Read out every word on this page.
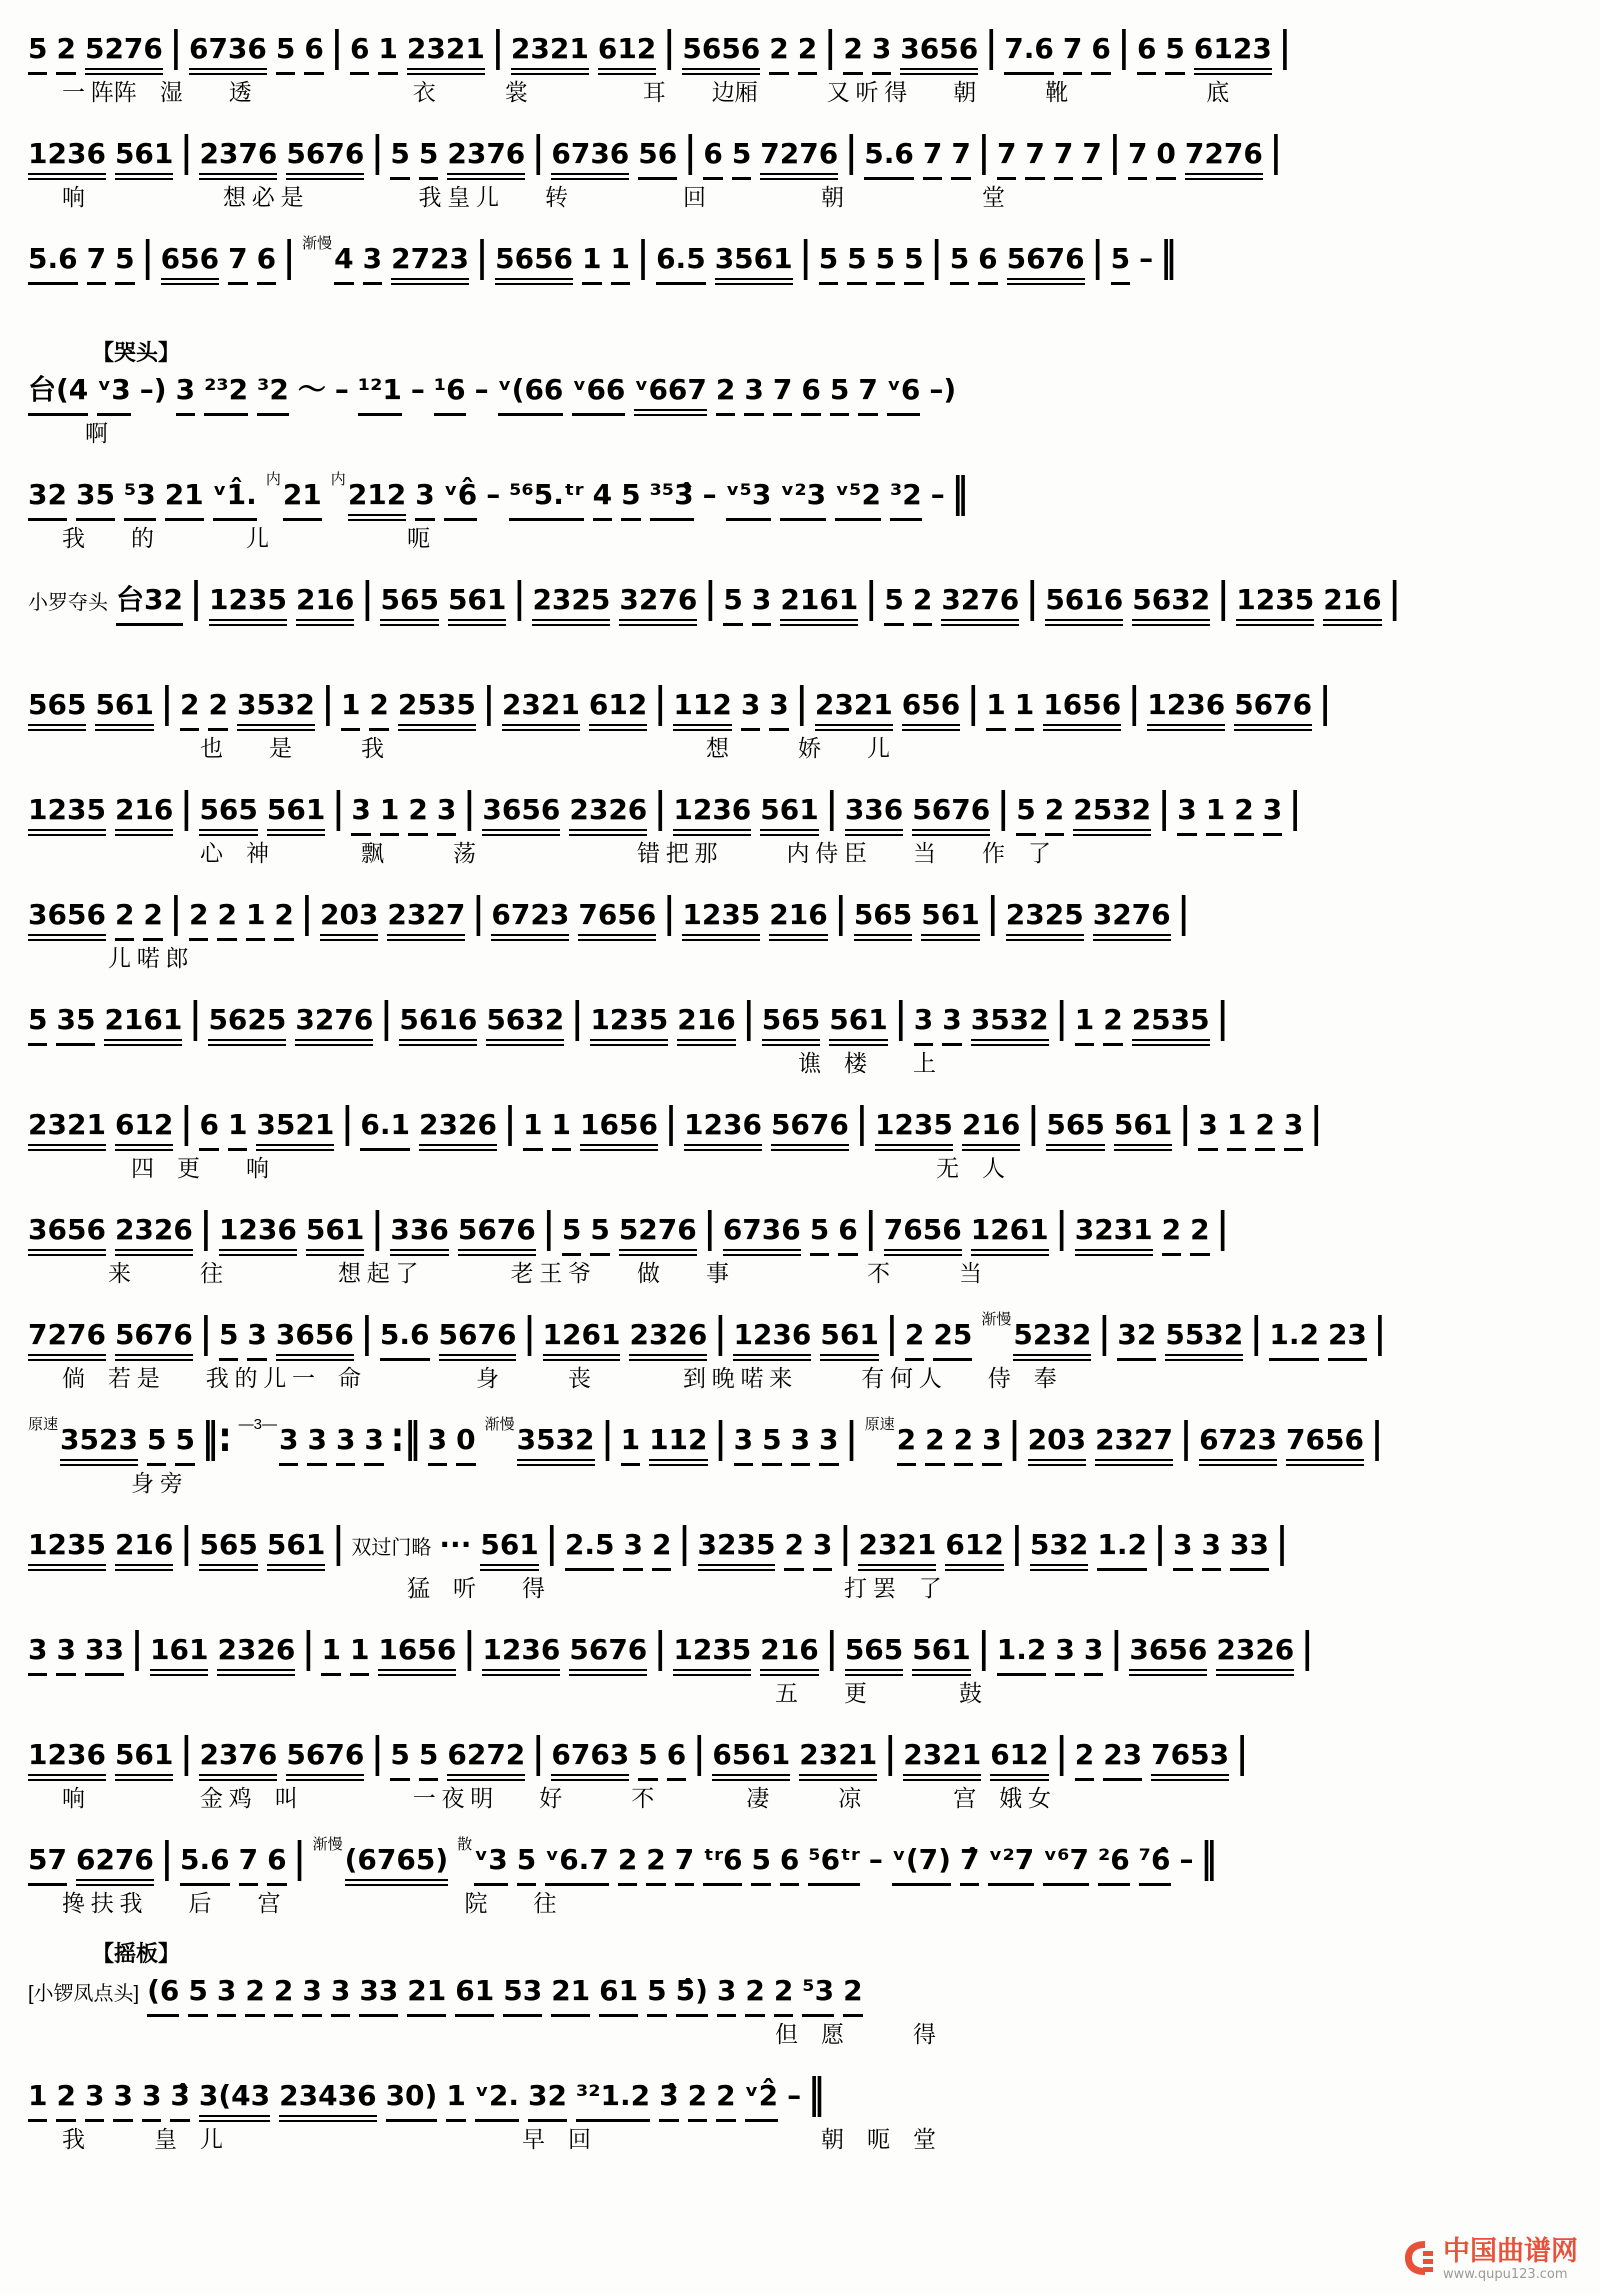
5 2 5276 | 6736 5 6 | 6 1 2321 | 2321 612 | 5656 2 2 | 2 3 3656 | 7.6 7 6 | 6 5 6123 |
一 阵阵　湿　　透　　　　　　　衣　　　裳　　　　　耳　　边厢　　　又 听 得　　朝　　　靴　　　　　　底
1236 561 | 2376 5676 | 5 5 2376 | 6736 56 | 6 5 7276 | 5.6 7 7 | 7 7 7 7 | 7 0 7276 |
响　　　　　　想 必 是　　　　　我 皇 儿　　转　　　　　回　　　　　朝　　　　　　堂
5.6 7 5 | 656 7 6 | 渐慢4 3 2723 | 5656 1 1 | 6.5 3561 | 5 5 5 5 | 5 6 5676 | 5 – ‖
【哭头】
台(4 ᵛ3 –) 3 ²³2 ³2 〜 – ¹²1 – ¹6 – ᵛ(66 ᵛ66 ᵛ667 2 3 7 6 5 7 ᵛ6 –)
　啊
32 35 ⁵3 21 ᵛ1̂. 内21 内212 3 ᵛ6̂ – ⁵⁶5.ᵗʳ 4 5 ³⁵3̂ – ᵛ⁵3 ᵛ²3 ᵛ⁵2 ³2 – ‖
我　　的　　　　儿　　　　　　呃
小罗夺头 台32 | 1235 216 | 565 561 | 2325 3276 | 5 3 2161 | 5 2 3276 | 5616 5632 | 1235 216 |
565 561 | 2 2 3532 | 1 2 2535 | 2321 612 | 112 3 3 | 2321 656 | 1 1 1656 | 1236 5676 |
　　　　　　也　　是　　　我　　　　　　　　　　　　　　想　　　娇　　儿
1235 216 | 565 561 | 3 1 2 3 | 3656 2326 | 1236 561 | 336 5676 | 5 2 2532 | 3 1 2 3 |
　　　　　　心　神　　　　飘　　　荡　　　　　　　错 把 那　　　内 侍 臣　　当　　作　了
3656 2 2 | 2 2 1 2 | 203 2327 | 6723 7656 | 1235 216 | 565 561 | 2325 3276 |
　　儿 喏 郎
5 35 2161 | 5625 3276 | 5616 5632 | 1235 216 | 565 561 | 3 3 3532 | 1 2 2535 |
　　　　　　　　　　　　　　　　　　　　　　　　　　　　　　　　谯　楼　　上
2321 612 | 6 1 3521 | 6.1 2326 | 1 1 1656 | 1236 5676 | 1235 216 | 565 561 | 3 1 2 3 |
　　　四　更　　响　　　　　　　　　　　　　　　　　　　　　　　　　　　　　无　人
3656 2326 | 1236 561 | 336 5676 | 5 5 5276 | 6736 5 6 | 7656 1261 | 3231 2 2 |
　　来　　　往　　　　　想 起 了　　　　老 王 爷　　做　　事　　　　　　不　　　当
7276 5676 | 5 3 3656 | 5.6 5676 | 1261 2326 | 1236 561 | 2 25 渐慢5232 | 32 5532 | 1.2 23 |
倘　若 是　　我 的 儿 一　命　　　　　身　　　丧　　　　到 晚 喏 来　　　有 何 人　　侍　奉
原速3523 5 5 ‖: —3—3 3 3 3 :‖ 3 0 渐慢3532 | 1 112 | 3 5 3 3 | 原速2 2 2 3 | 203 2327 | 6723 7656 |
　　　身 旁
1235 216 | 565 561 | 双过门略 ··· 561 | 2.5 3 2 | 3235 2 3 | 2321 612 | 532 1.2 | 3 3 33 |
　　　　　　　　　　　　　　　猛　听　　得　　　　　　　　　　　　　打 罢　了
3 3 33 | 161 2326 | 1 1 1656 | 1236 5676 | 1235 216 | 565 561 | 1.2 3 3 | 3656 2326 |
　　　　　　　　　　　　　　　　　　　　　　　　　　　　　　　五　　更　　　　鼓
1236 561 | 2376 5676 | 5 5 6272 | 6763 5 6 | 6561 2321 | 2321 612 | 2 23 7653 |
响　　　　　金 鸡　叫　　　　　一 夜 明　　好　　　不　　　　凄　　　凉　　　　宫　娥 女
57 6276 | 5.6 7 6 | 渐慢(6765) 散ᵛ3 5 ᵛ6.7 2 2 7 ᵗʳ6 5 6 ⁵6ᵗʳ – ᵛ(7) 7̂ ᵛ²7 ᵛ⁶7 ²6 ⁷6̂ – ‖
搀 扶 我　　后　　宫　　　　　　　　院　　往
【摇板】
[小锣凤点头] (6 5 3 2 2 3 3 33 21 61 53 21 61 5 5̂) 3 2 2 ⁵3 2
　　　　　　　　　　　　　　　　　　　　　　　　　　　　　　　但　愿　　　得
1 2 3 3 3 3̂ 3(43 23436 30) 1 ᵛ2. 32 ³²1.2 3̂ 2 2 ᵛ2̂ – ‖
我　　　皇　儿　　　　　　　　　　　　　早　回　　　　　　　　　　朝　呃　堂
中国曲谱网
www.qupu123.com
